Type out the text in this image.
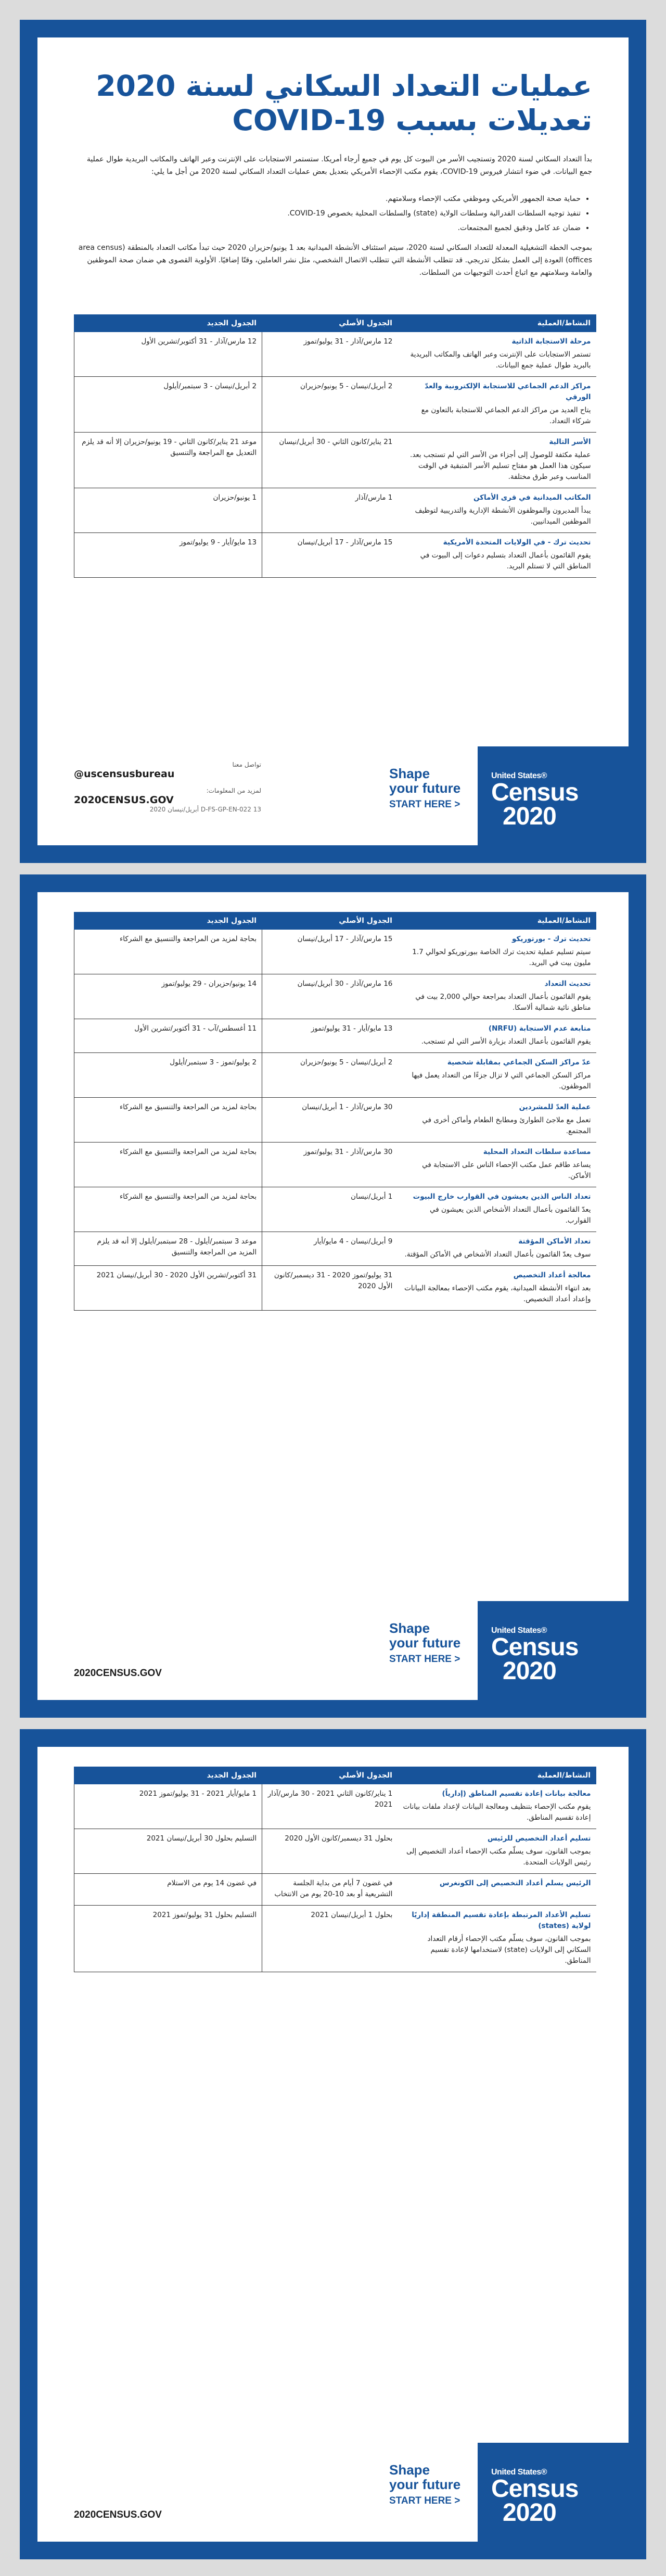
عمليات التعداد السكاني لسنة 2020
تعديلات بسبب COVID-19

بدأ التعداد السكاني لسنة 2020 وتستجيب الأسر من البيوت كل يوم في جميع أرجاء أمريكا. ستستمر الاستجابات على الإنترنت وعبر الهاتف والمكاتب البريدية طوال عملية جمع البيانات. في ضوء انتشار فيروس COVID-19، يقوم مكتب الإحصاء الأمريكي بتعديل بعض عمليات التعداد السكاني لسنة 2020 من أجل ما يلي:

• حماية صحة الجمهور الأمريكي وموظفي مكتب الإحصاء وسلامتهم.
• تنفيذ توجيه السلطات الفدرالية وسلطات الولاية (state) والسلطات المحلية بخصوص COVID-19.
• ضمان عد كامل ودقيق لجميع المجتمعات.

بموجب الخطة التشغيلية المعدلة للتعداد السكاني لسنة 2020، سيتم استئناف الأنشطة الميدانية بعد 1 يونيو/حزيران 2020 حيث تبدأ مكاتب التعداد بالمنطقة (area census offices) العودة إلى العمل بشكل تدريجي. قد تتطلب الأنشطة التي تتطلب الاتصال الشخصي، مثل نشر العاملين، وقتًا إضافيًا. الأولوية القصوى هي ضمان صحة الموظفين والعامة وسلامتهم مع اتباع أحدث التوجيهات من السلطات.

النشاط/العملية	الجدول الأصلي	الجدول الجديد

مرحلة الاستجابة الذاتية
تستمر الاستجابات على الإنترنت وعبر الهاتف والمكاتب البريدية بالبريد طوال عملية جمع البيانات.	12 مارس/آذار - 31 يوليو/تموز	12 مارس/آذار - 31 أكتوبر/تشرين الأول

مراكز الدعم الجماعي للاستجابة الإلكترونية والعدّ الورقي
يتاح العديد من مراكز الدعم الجماعي للاستجابة بالتعاون مع شركاء التعداد.	2 أبريل/نيسان - 5 يونيو/حزيران	2 أبريل/نيسان - 3 سبتمبر/أيلول

الأسر التالية
عملية مكثفة للوصول إلى أجزاء من الأسر التي لم تستجب بعد. سيكون هذا العمل هو مفتاح تسليم الأسر المتبقية في الوقت المناسب وعبر طرق مختلفة.	21 يناير/كانون الثاني - 30 أبريل/نيسان	موعد 21 يناير/كانون الثاني - 19 يونيو/حزيران إلا أنه قد يلزم التعديل مع المراجعة والتنسيق

المكاتب الميدانية في قرى الأماكن
يبدأ المديرون والموظفون الأنشطة الإدارية والتدريبية لتوظيف الموظفين الميدانيين.	1 مارس/آذار	1 يونيو/حزيران

تحديث ترك - في الولايات المتحدة الأمريكية
يقوم القائمون بأعمال التعداد بتسليم دعوات إلى البيوت في المناطق التي لا تستلم البريد.	15 مارس/آذار - 17 أبريل/نيسان	13 مايو/أيار - 9 يوليو/تموز
تواصل معنا
@uscensusbureau
لمزيد من المعلومات:
2020CENSUS.GOV
D-FS-GP-EN-022 13 أبريل/نيسان 2020
Shape
your future
START HERE >
United States®
Census
2020
النشاط/العملية	الجدول الأصلي	الجدول الجديد

تحديث ترك - بورتوريكو
سيتم تسليم عملية تحديث ترك الخاصة ببورتوريكو لحوالي 1.7 مليون بيت في البريد.	15 مارس/آذار - 17 أبريل/نيسان	بحاجة لمزيد من المراجعة والتنسيق مع الشركاء

تحديث التعداد
يقوم القائمون بأعمال التعداد بمراجعة حوالي 2,000 بيت في مناطق نائية شمالية ألاسكا.	16 مارس/آذار - 30 أبريل/نيسان	14 يونيو/حزيران - 29 يوليو/تموز

متابعة عدم الاستجابة (NRFU)
يقوم القائمون بأعمال التعداد بزيارة الأسر التي لم تستجب.	13 مايو/أيار - 31 يوليو/تموز	11 أغسطس/آب - 31 أكتوبر/تشرين الأول

عدّ مراكز السكن الجماعي بمقابلة شخصية
مراكز السكن الجماعي التي لا تزال جزءًا من التعداد يعمل فيها الموظفون.	2 أبريل/نيسان - 5 يونيو/حزيران	2 يوليو/تموز - 3 سبتمبر/أيلول

عملية العدّ للمشردين
تعمل مع ملاجئ الطوارئ ومطابخ الطعام وأماكن أخرى في المجتمع.	30 مارس/آذار - 1 أبريل/نيسان	بحاجة لمزيد من المراجعة والتنسيق مع الشركاء

مساعدة سلطات التعداد المحلية
يساعد طاقم عمل مكتب الإحصاء الناس على الاستجابة في الأماكن.	30 مارس/آذار - 31 يوليو/تموز	بحاجة لمزيد من المراجعة والتنسيق مع الشركاء

تعداد الناس الذين يعيشون في القوارب خارج البيوت
يعدّ القائمون بأعمال التعداد الأشخاص الذين يعيشون في القوارب.	1 أبريل/نيسان	بحاجة لمزيد من المراجعة والتنسيق مع الشركاء

تعداد الأماكن المؤقتة
سوف يعدّ القائمون بأعمال التعداد الأشخاص في الأماكن المؤقتة.	9 أبريل/نيسان - 4 مايو/أيار	موعد 3 سبتمبر/أيلول - 28 سبتمبر/أيلول إلا أنه قد يلزم المزيد من المراجعة والتنسيق

معالجة أعداد التخصيص
بعد انتهاء الأنشطة الميدانية، يقوم مكتب الإحصاء بمعالجة البيانات وإعداد أعداد التخصيص.	31 يوليو/تموز 2020 - 31 ديسمبر/كانون الأول 2020	31 أكتوبر/تشرين الأول 2020 - 30 أبريل/نيسان 2021
2020CENSUS.GOV
Shape
your future
START HERE >
United States®
Census
2020
النشاط/العملية	الجدول الأصلي	الجدول الجديد

معالجة بيانات إعادة تقسيم المناطق (إدارياً)
يقوم مكتب الإحصاء بتنظيف ومعالجة البيانات لإعداد ملفات بيانات إعادة تقسيم المناطق.	1 يناير/كانون الثاني 2021 - 30 مارس/آذار 2021	1 مايو/أيار 2021 - 31 يوليو/تموز 2021

تسليم أعداد التخصيص للرئيس
بموجب القانون، سوف يسلّم مكتب الإحصاء أعداد التخصيص إلى رئيس الولايات المتحدة.	بحلول 31 ديسمبر/كانون الأول 2020	التسليم بحلول 30 أبريل/نيسان 2021

الرئيس يسلم أعداد التخصيص إلى الكونغرس	في غضون 7 أيام من بداية الجلسة التشريعية أو بعد 10-20 يوم من الانتخاب	في غضون 14 يوم من الاستلام

تسليم الأعداد المرتبطة بإعادة تقسيم المنطقة إداريًا لولاية (states)
بموجب القانون، سوف يسلّم مكتب الإحصاء أرقام التعداد السكاني إلى الولايات (state) لاستخدامها لإعادة تقسيم المناطق.	بحلول 1 أبريل/نيسان 2021	التسليم بحلول 31 يوليو/تموز 2021
2020CENSUS.GOV
Shape
your future
START HERE >
United States®
Census
2020
